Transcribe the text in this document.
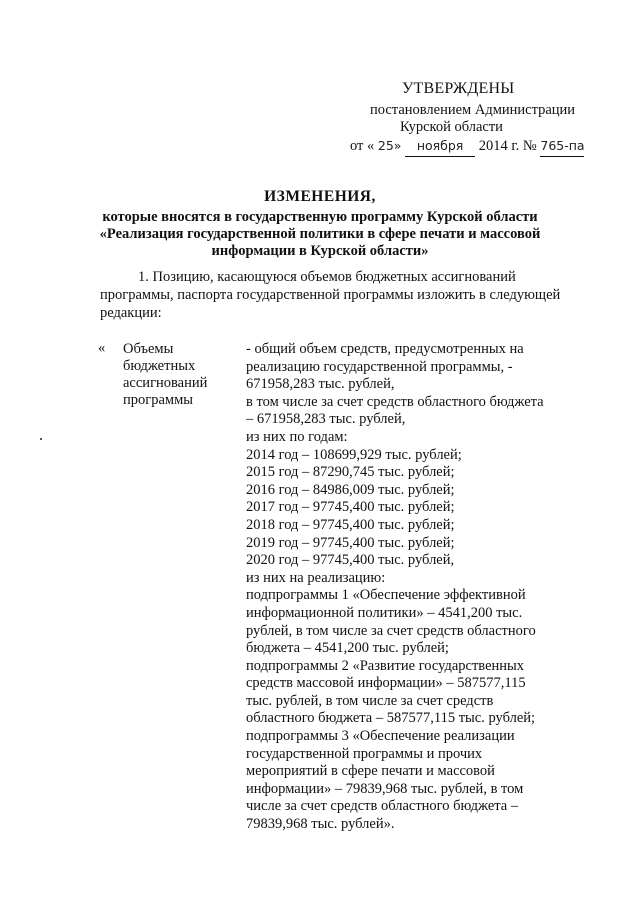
УТВЕРЖДЕНЫ
постановлением Администрации
Курской области
от « 25» ноября 2014 г. № 765-па
ИЗМЕНЕНИЯ,
которые вносятся в государственную программу Курской области
«Реализация государственной политики в сфере печати и массовой
информации в Курской области»
1. Позицию, касающуюся объемов бюджетных ассигнований
программы, паспорта государственной программы изложить в следующей
редакции:
« Объемы
бюджетных
ассигнований
программы
- общий объем средств, предусмотренных на
реализацию государственной программы, -
671958,283 тыс. рублей,
в том числе за счет средств областного бюджета
– 671958,283 тыс. рублей,
из них по годам:
2014 год – 108699,929 тыс. рублей;
2015 год – 87290,745 тыс. рублей;
2016 год – 84986,009 тыс. рублей;
2017 год – 97745,400 тыс. рублей;
2018 год – 97745,400 тыс. рублей;
2019 год – 97745,400 тыс. рублей;
2020 год – 97745,400 тыс. рублей,
из них на реализацию:
подпрограммы 1 «Обеспечение эффективной
информационной политики» – 4541,200 тыс.
рублей, в том числе за счет средств областного
бюджета – 4541,200 тыс. рублей;
подпрограммы 2 «Развитие государственных
средств массовой информации» – 587577,115
тыс. рублей, в том числе за счет средств
областного бюджета – 587577,115 тыс. рублей;
подпрограммы 3 «Обеспечение реализации
государственной программы и прочих
мероприятий в сфере печати и массовой
информации» – 79839,968 тыс. рублей, в том
числе за счет средств областного бюджета –
79839,968 тыс. рублей».
